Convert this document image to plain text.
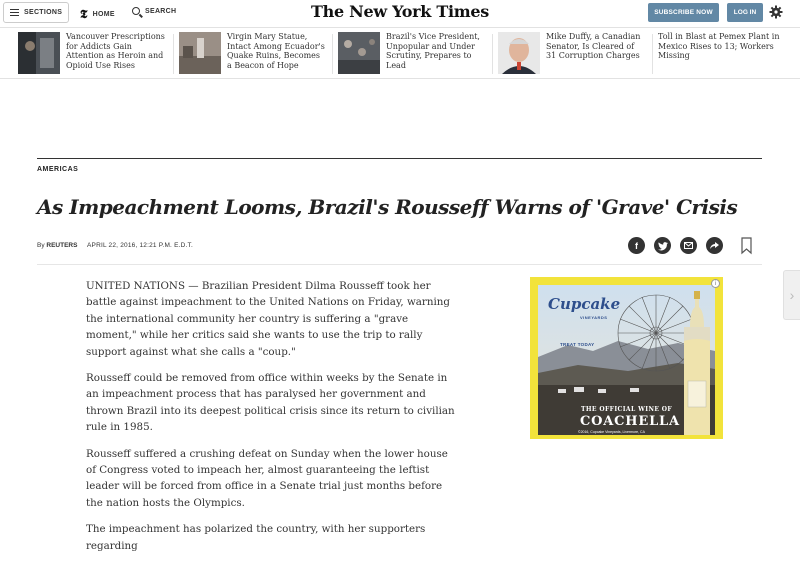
SECTIONS 𝕿 HOME	SEARCH	The New York Times	SUBSCRIBE NOW	LOG IN
Vancouver Prescriptions for Addicts Gain Attention as Heroin and Opioid Use Rises
Virgin Mary Statue, Intact Among Ecuador's Quake Ruins, Becomes a Beacon of Hope
Brazil's Vice President, Unpopular and Under Scrutiny, Prepares to Lead
Mike Duffy, a Canadian Senator, Is Cleared of 31 Corruption Charges
Toll in Blast at Pemex Plant in Mexico Rises to 13; Workers Missing
AMERICAS
As Impeachment Looms, Brazil's Rousseff Warns of 'Grave' Crisis
By REUTERS APRIL 22, 2016, 12:21 P.M. E.D.T.	f

UNITED NATIONS — Brazilian President Dilma Rousseff took her battle against impeachment to the United Nations on Friday, warning the international community her country is suffering a "grave moment," while her critics said she wants to use the trip to rally support against what she calls a "coup."

Rousseff could be removed from office within weeks by the Senate in an impeachment process that has paralysed her government and thrown Brazil into its deepest political crisis since its return to civilian rule in 1985.

Rousseff suffered a crushing defeat on Sunday when the lower house of Congress voted to impeach her, almost guaranteeing the leftist leader will be forced from office in a Senate trial just months before the nation hosts the Olympics.

The impeachment has polarized the country, with her supporters regarding

Cupcake
VINEYARDS
TREAT TODAY
THE OFFICIAL WINE OF
COACHELLA
©2016, Cupcake Vineyards, Livermore, CA
i
›
